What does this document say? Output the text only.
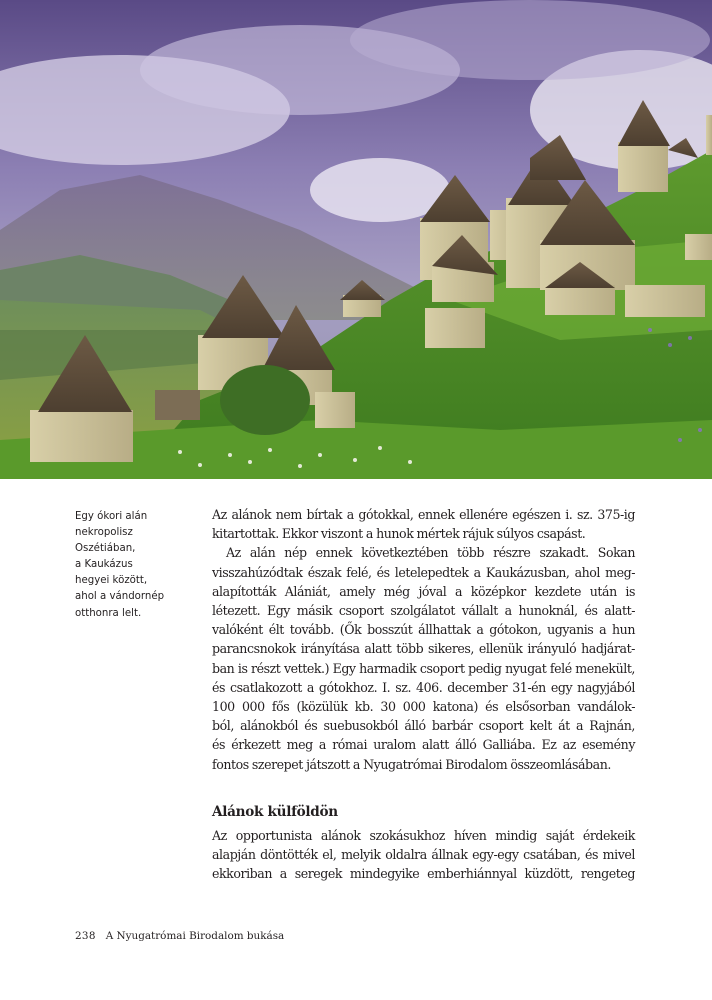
Egy ókori alán
nekropolisz
Oszétiában,
a Kaukázus
hegyei között,
ahol a vándornép
otthonra lelt.
Az alánok nem bírtak a gótokkal, ennek ellenére egészen i. sz. 375-ig
kitartottak. Ekkor viszont a hunok mértek rájuk súlyos csapást.
Az alán nép ennek következtében több részre szakadt. Sokan
visszahúzódtak észak felé, és letelepedtek a Kaukázusban, ahol meg-
alapították Alániát, amely még jóval a középkor kezdete után is
létezett. Egy másik csoport szolgálatot vállalt a hunoknál, és alatt-
valóként élt tovább. (Ők bosszút állhattak a gótokon, ugyanis a hun
parancsnokok irányítása alatt több sikeres, ellenük irányuló hadjárat-
ban is részt vettek.) Egy harmadik csoport pedig nyugat felé menekült,
és csatlakozott a gótokhoz. I. sz. 406. december 31-én egy nagyjából
100 000 fős (közülük kb. 30 000 katona) és elsősorban vandálok-
ból, alánokból és suebusokból álló barbár csoport kelt át a Rajnán,
és érkezett meg a római uralom alatt álló Galliába. Ez az esemény
fontos szerepet játszott a Nyugatrómai Birodalom összeomlásában.
Alánok külföldön
Az opportunista alánok szokásukhoz híven mindig saját érdekeik
alapján döntötték el, melyik oldalra állnak egy-egy csatában, és mivel
ekkoriban a seregek mindegyike emberhiánnyal küzdött, rengeteg
238 A Nyugatrómai Birodalom bukása
